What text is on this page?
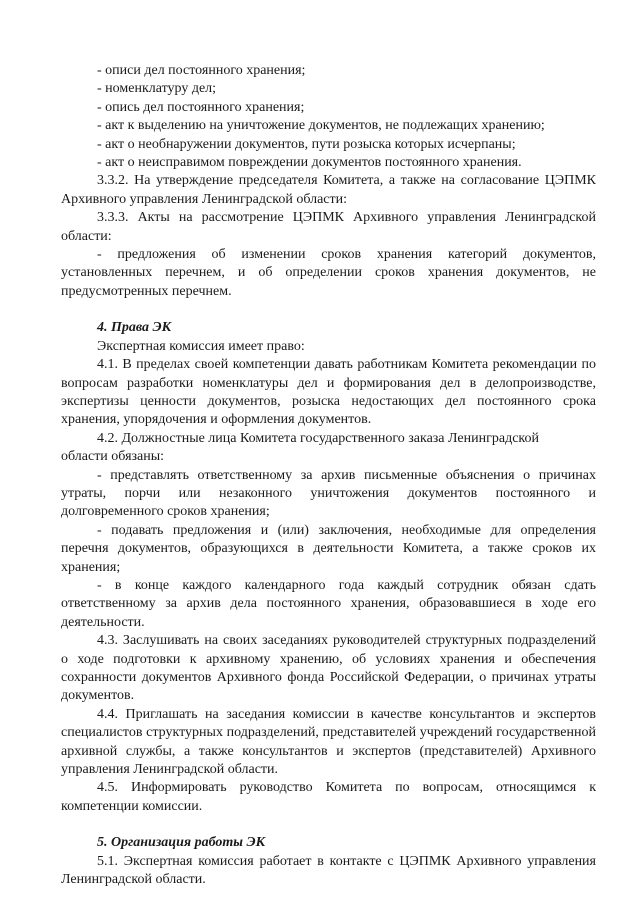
- описи дел постоянного хранения;

- номенклатуру дел;

- опись дел постоянного хранения;

- акт к выделению на уничтожение документов, не подлежащих хранению;

- акт о необнаружении документов, пути розыска которых исчерпаны;

- акт о неисправимом повреждении документов постоянного хранения.

3.3.2. На утверждение председателя Комитета, а также на согласование ЦЭПМК Архивного управления Ленинградской области:

3.3.3. Акты на рассмотрение ЦЭПМК Архивного управления Ленинградской области:

- предложения об изменении сроков хранения категорий документов, установленных перечнем, и об определении сроков хранения документов, не предусмотренных перечнем.

4. Права ЭК

Экспертная комиссия имеет право:

4.1. В пределах своей компетенции давать работникам Комитета рекомендации по вопросам разработки номенклатуры дел и формирования дел в делопроизводстве, экспертизы ценности документов, розыска недостающих дел постоянного срока хранения, упорядочения и оформления документов.

4.2. Должностные лица Комитета государственного заказа Ленинградской

области обязаны:

- представлять ответственному за архив письменные объяснения о причинах утраты, порчи или незаконного уничтожения документов постоянного и долговременного сроков хранения;

- подавать предложения и (или) заключения, необходимые для определения перечня документов, образующихся в деятельности Комитета, а также сроков их хранения;

- в конце каждого календарного года каждый сотрудник обязан сдать ответственному за архив дела постоянного хранения, образовавшиеся в ходе его деятельности.

4.3. Заслушивать на своих заседаниях руководителей структурных подразделений о ходе подготовки к архивному хранению, об условиях хранения и обеспечения сохранности документов Архивного фонда Российской Федерации, о причинах утраты документов.

4.4. Приглашать на заседания комиссии в качестве консультантов и экспертов специалистов структурных подразделений, представителей учреждений государственной архивной службы, а также консультантов и экспертов (представителей) Архивного управления Ленинградской области.

4.5. Информировать руководство Комитета по вопросам, относящимся к компетенции комиссии.

5. Организация работы ЭК

5.1. Экспертная комиссия работает в контакте с ЦЭПМК Архивного управления Ленинградской области.
